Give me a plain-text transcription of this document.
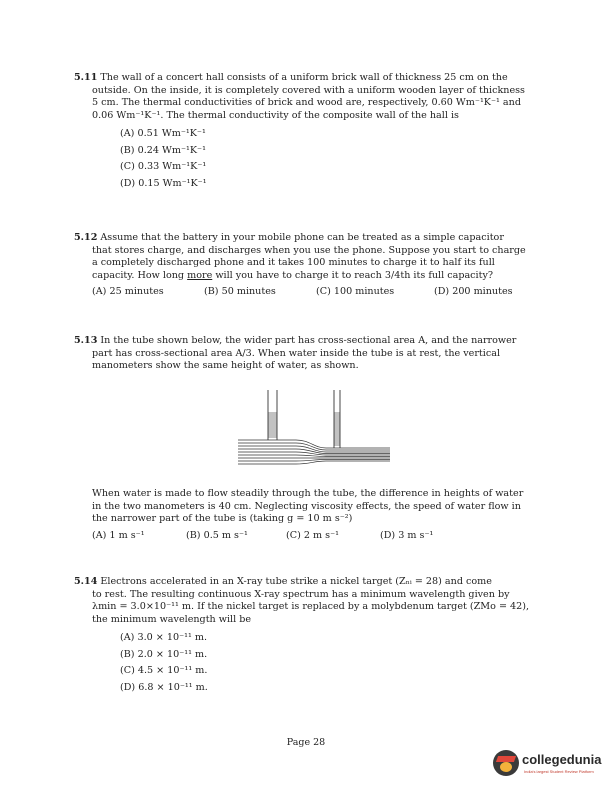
5.11 The wall of a concert hall consists of a uniform brick wall of thickness 25 cm on the
outside. On the inside, it is completely covered with a uniform wooden layer of thickness
5 cm. The thermal conductivities of brick and wood are, respectively, 0.60 Wm⁻¹K⁻¹ and
0.06 Wm⁻¹K⁻¹. The thermal conductivity of the composite wall of the hall is
(A) 0.51 Wm⁻¹K⁻¹
(B) 0.24 Wm⁻¹K⁻¹
(C) 0.33 Wm⁻¹K⁻¹
(D) 0.15 Wm⁻¹K⁻¹
5.12 Assume that the battery in your mobile phone can be treated as a simple capacitor
that stores charge, and discharges when you use the phone. Suppose you start to charge
a completely discharged phone and it takes 100 minutes to charge it to half its full
capacity. How long more will you have to charge it to reach 3/4th its full capacity?
(A) 25 minutes	(B) 50 minutes	(C) 100 minutes	(D) 200 minutes
5.13 In the tube shown below, the wider part has cross-sectional area A, and the narrower
part has cross-sectional area A/3. When water inside the tube is at rest, the vertical
manometers show the same height of water, as shown.
When water is made to flow steadily through the tube, the difference in heights of water
in the two manometers is 40 cm. Neglecting viscosity effects, the speed of water flow in
the narrower part of the tube is (taking g = 10 m s⁻²)
(A) 1 m s⁻¹	(B) 0.5 m s⁻¹	(C) 2 m s⁻¹	(D) 3 m s⁻¹
5.14 Electrons accelerated in an X-ray tube strike a nickel target (Zₙᵢ = 28) and come
to rest. The resulting continuous X-ray spectrum has a minimum wavelength given by
λmin = 3.0×10⁻¹¹ m. If the nickel target is replaced by a molybdenum target (ZMo = 42),
the minimum wavelength will be
(A) 3.0 × 10⁻¹¹ m.
(B) 2.0 × 10⁻¹¹ m.
(C) 4.5 × 10⁻¹¹ m.
(D) 6.8 × 10⁻¹¹ m.
Page 28
collegedunia
India's largest Student Review Platform
